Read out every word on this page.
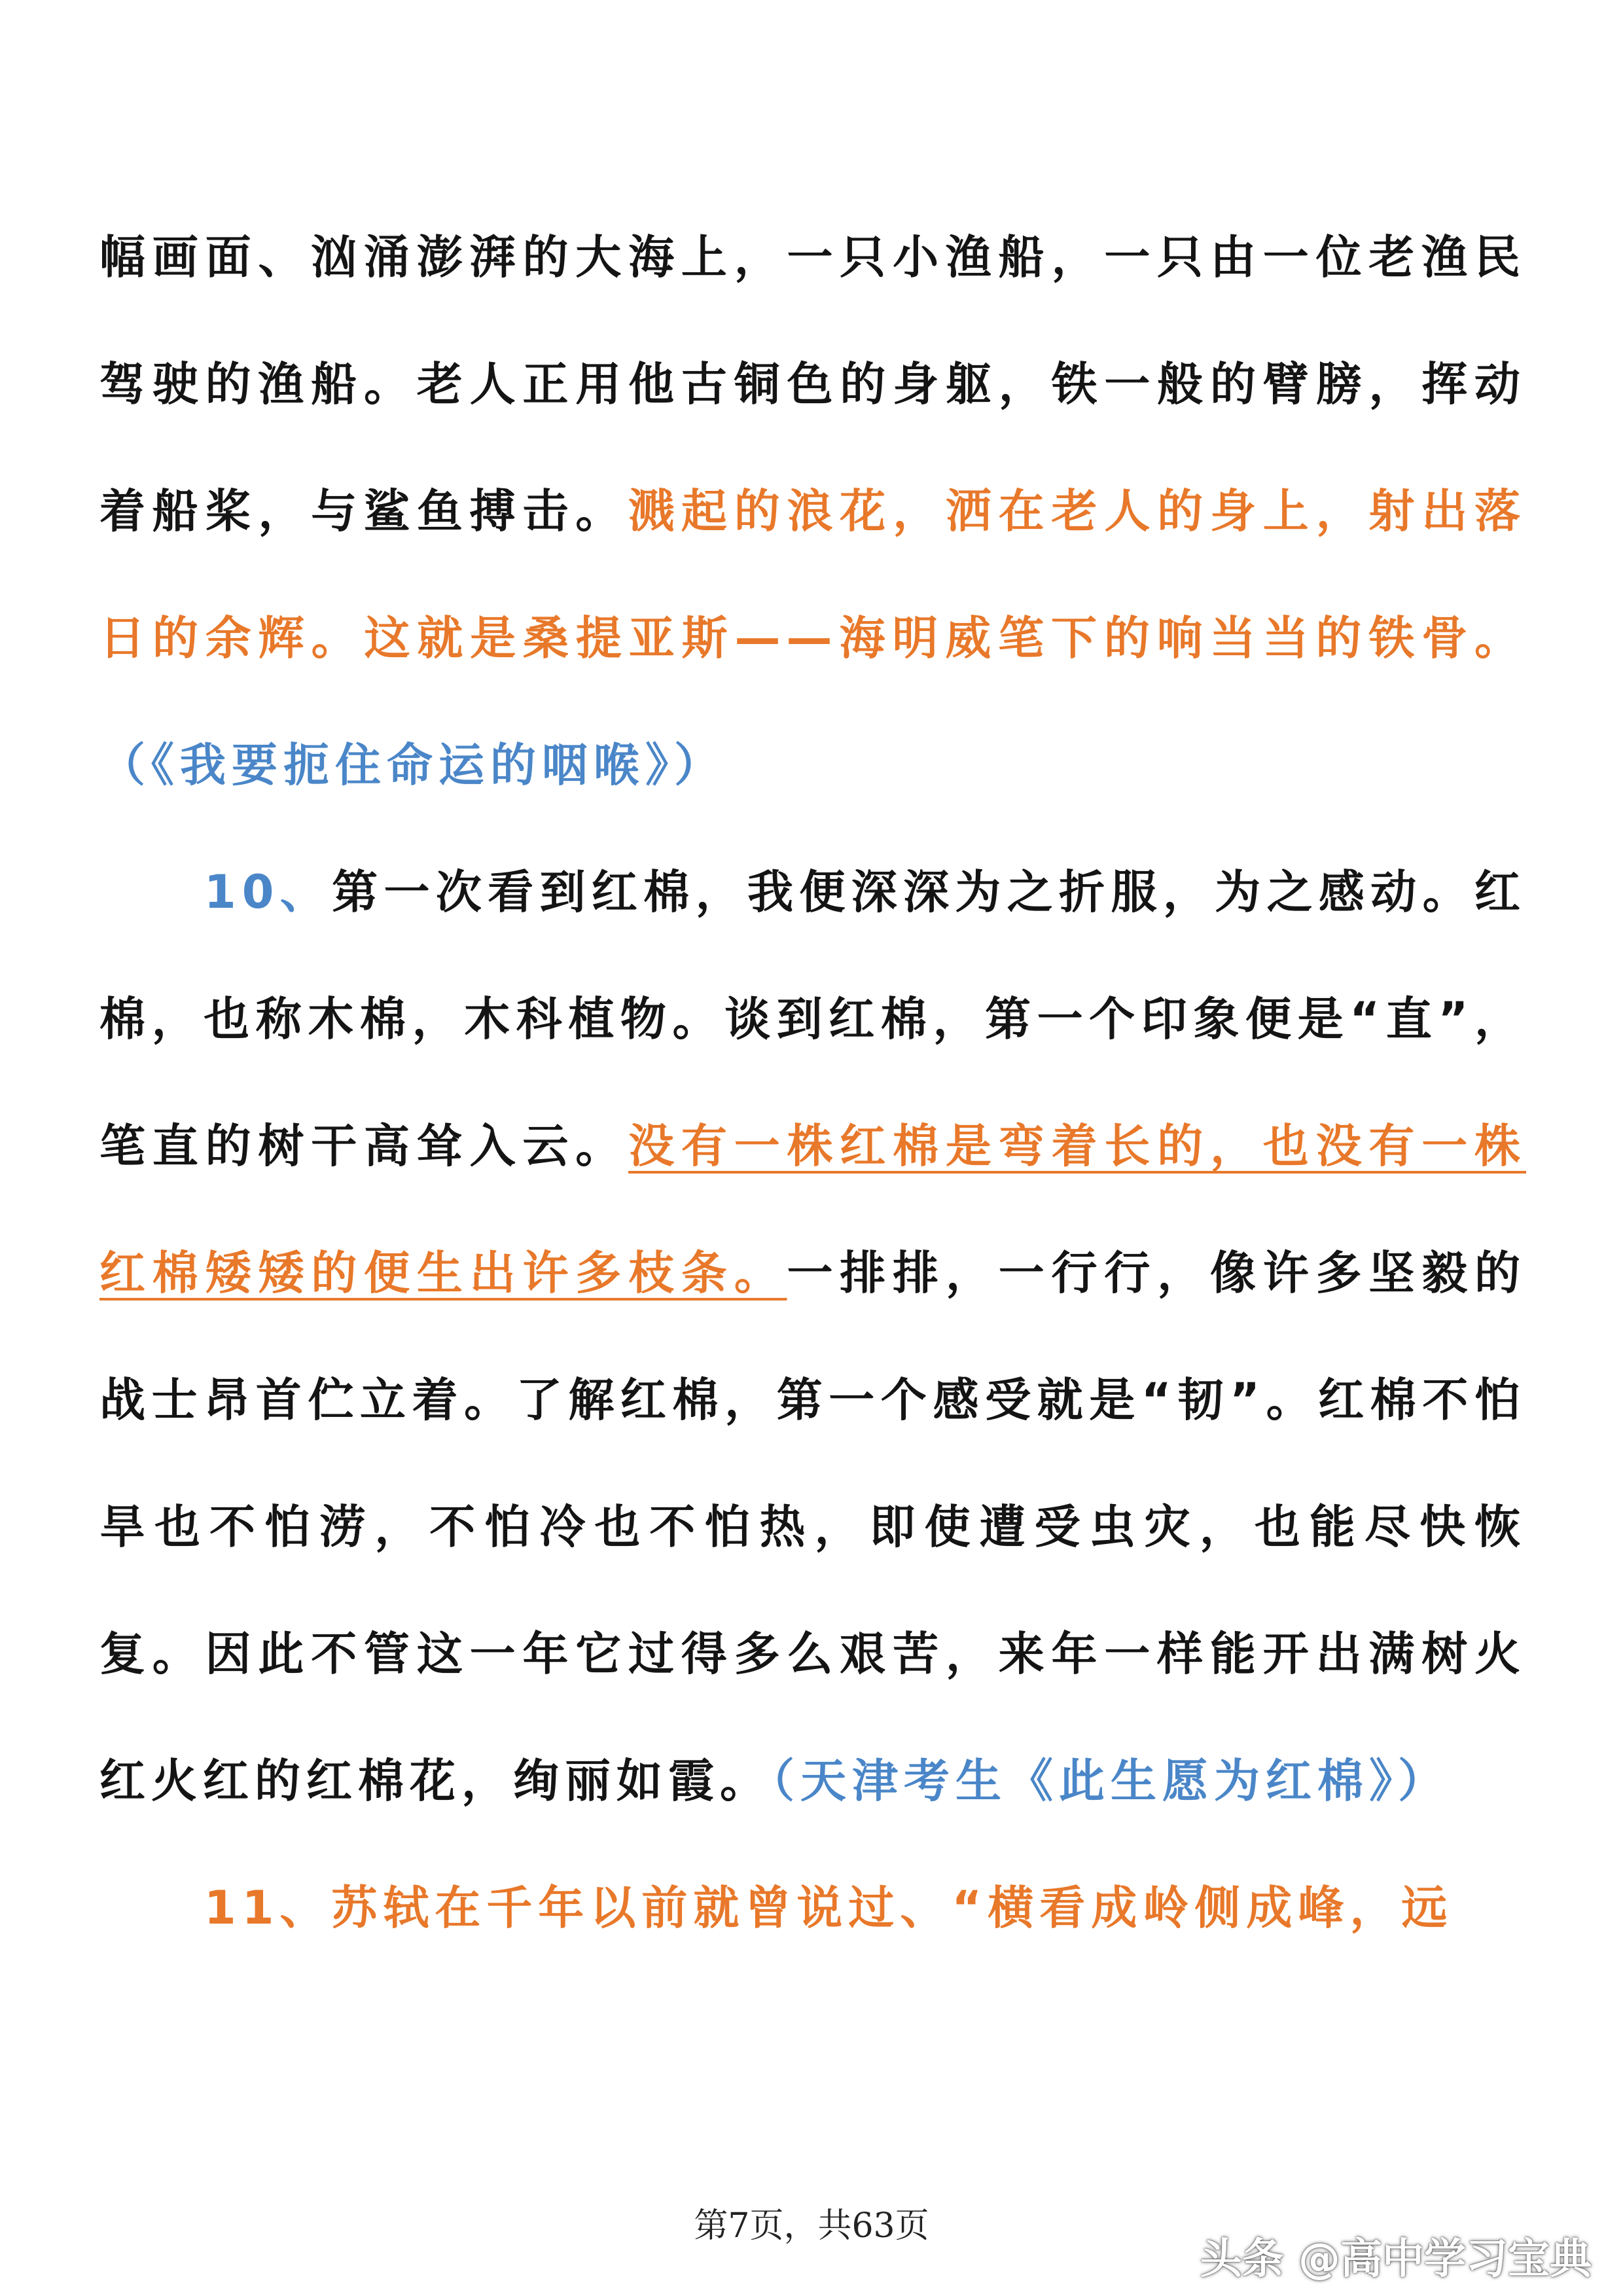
幅画面、汹涌澎湃的大海上，一只小渔船，一只由一位老渔民驾驶的渔船。老人正用他古铜色的身躯，铁一般的臂膀，挥动着船桨，与鲨鱼搏击。溅起的浪花，洒在老人的身上，射出落日的余辉。这就是桑提亚斯——海明威笔下的响当当的铁骨。（《我要扼住命运的咽喉》）

10、第一次看到红棉，我便深深为之折服，为之感动。红棉，也称木棉，木科植物。谈到红棉，第一个印象便是“直”，笔直的树干高耸入云。没有一株红棉是弯着长的，也没有一株红棉矮矮的便生出许多枝条。一排排，一行行，像许多坚毅的战士昂首伫立着。了解红棉，第一个感受就是“韧”。红棉不怕旱也不怕涝，不怕冷也不怕热，即使遭受虫灾，也能尽快恢复。因此不管这一年它过得多么艰苦，来年一样能开出满树火红火红的红棉花，绚丽如霞。（天津考生《此生愿为红棉》）

11、苏轼在千年以前就曾说过、“横看成岭侧成峰，远

第7页，共63页
头条 @高中学习宝典
